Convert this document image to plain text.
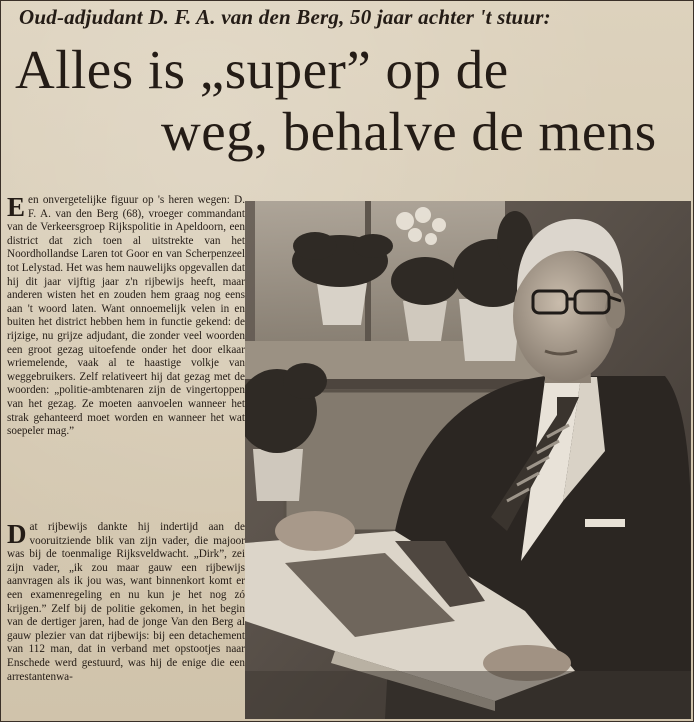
Oud-adjudant D. F. A. van den Berg, 50 jaar achter 't stuur:
Alles is „super” op de
weg, behalve de mens
Een onvergetelijke figuur op 's heren wegen: D. F. A. van den Berg (68), vroeger commandant van de Verkeersgroep Rijkspolitie in Apeldoorn, een district dat zich toen al uitstrekte van het Noordhollandse Laren tot Goor en van Scherpenzeel tot Lelystad. Het was hem nauwelijks opgevallen dat hij dit jaar vijftig jaar z'n rijbewijs heeft, maar anderen wisten het en zouden hem graag nog eens aan 't woord laten. Want onnoemelijk velen in en buiten het district hebben hem in functie gekend: de rijzige, nu grijze adjudant, die zonder veel woorden een groot gezag uitoefende onder het door elkaar wriemelende, vaak al te haastige volkje van weggebruikers. Zelf relativeert hij dat gezag met de woorden: „politie-ambtenaren zijn de vingertoppen van het gezag. Ze moeten aanvoelen wanneer het strak gehanteerd moet worden en wanneer het wat soepeler mag.”
Dat rijbewijs dankte hij indertijd aan de vooruitziende blik van zijn vader, die majoor was bij de toenmalige Rijksveldwacht. „Dirk”, zei zijn vader, „ik zou maar gauw een rijbewijs aanvragen als ik jou was, want binnenkort komt er een examenregeling en nu kun je het nog zó krijgen.” Zelf bij de politie gekomen, in het begin van de dertiger jaren, had de jonge Van den Berg al gauw plezier van dat rijbewijs: bij een detachement van 112 man, dat in verband met opstootjes naar Enschede werd gestuurd, was hij de enige die een arrestantenwa-
